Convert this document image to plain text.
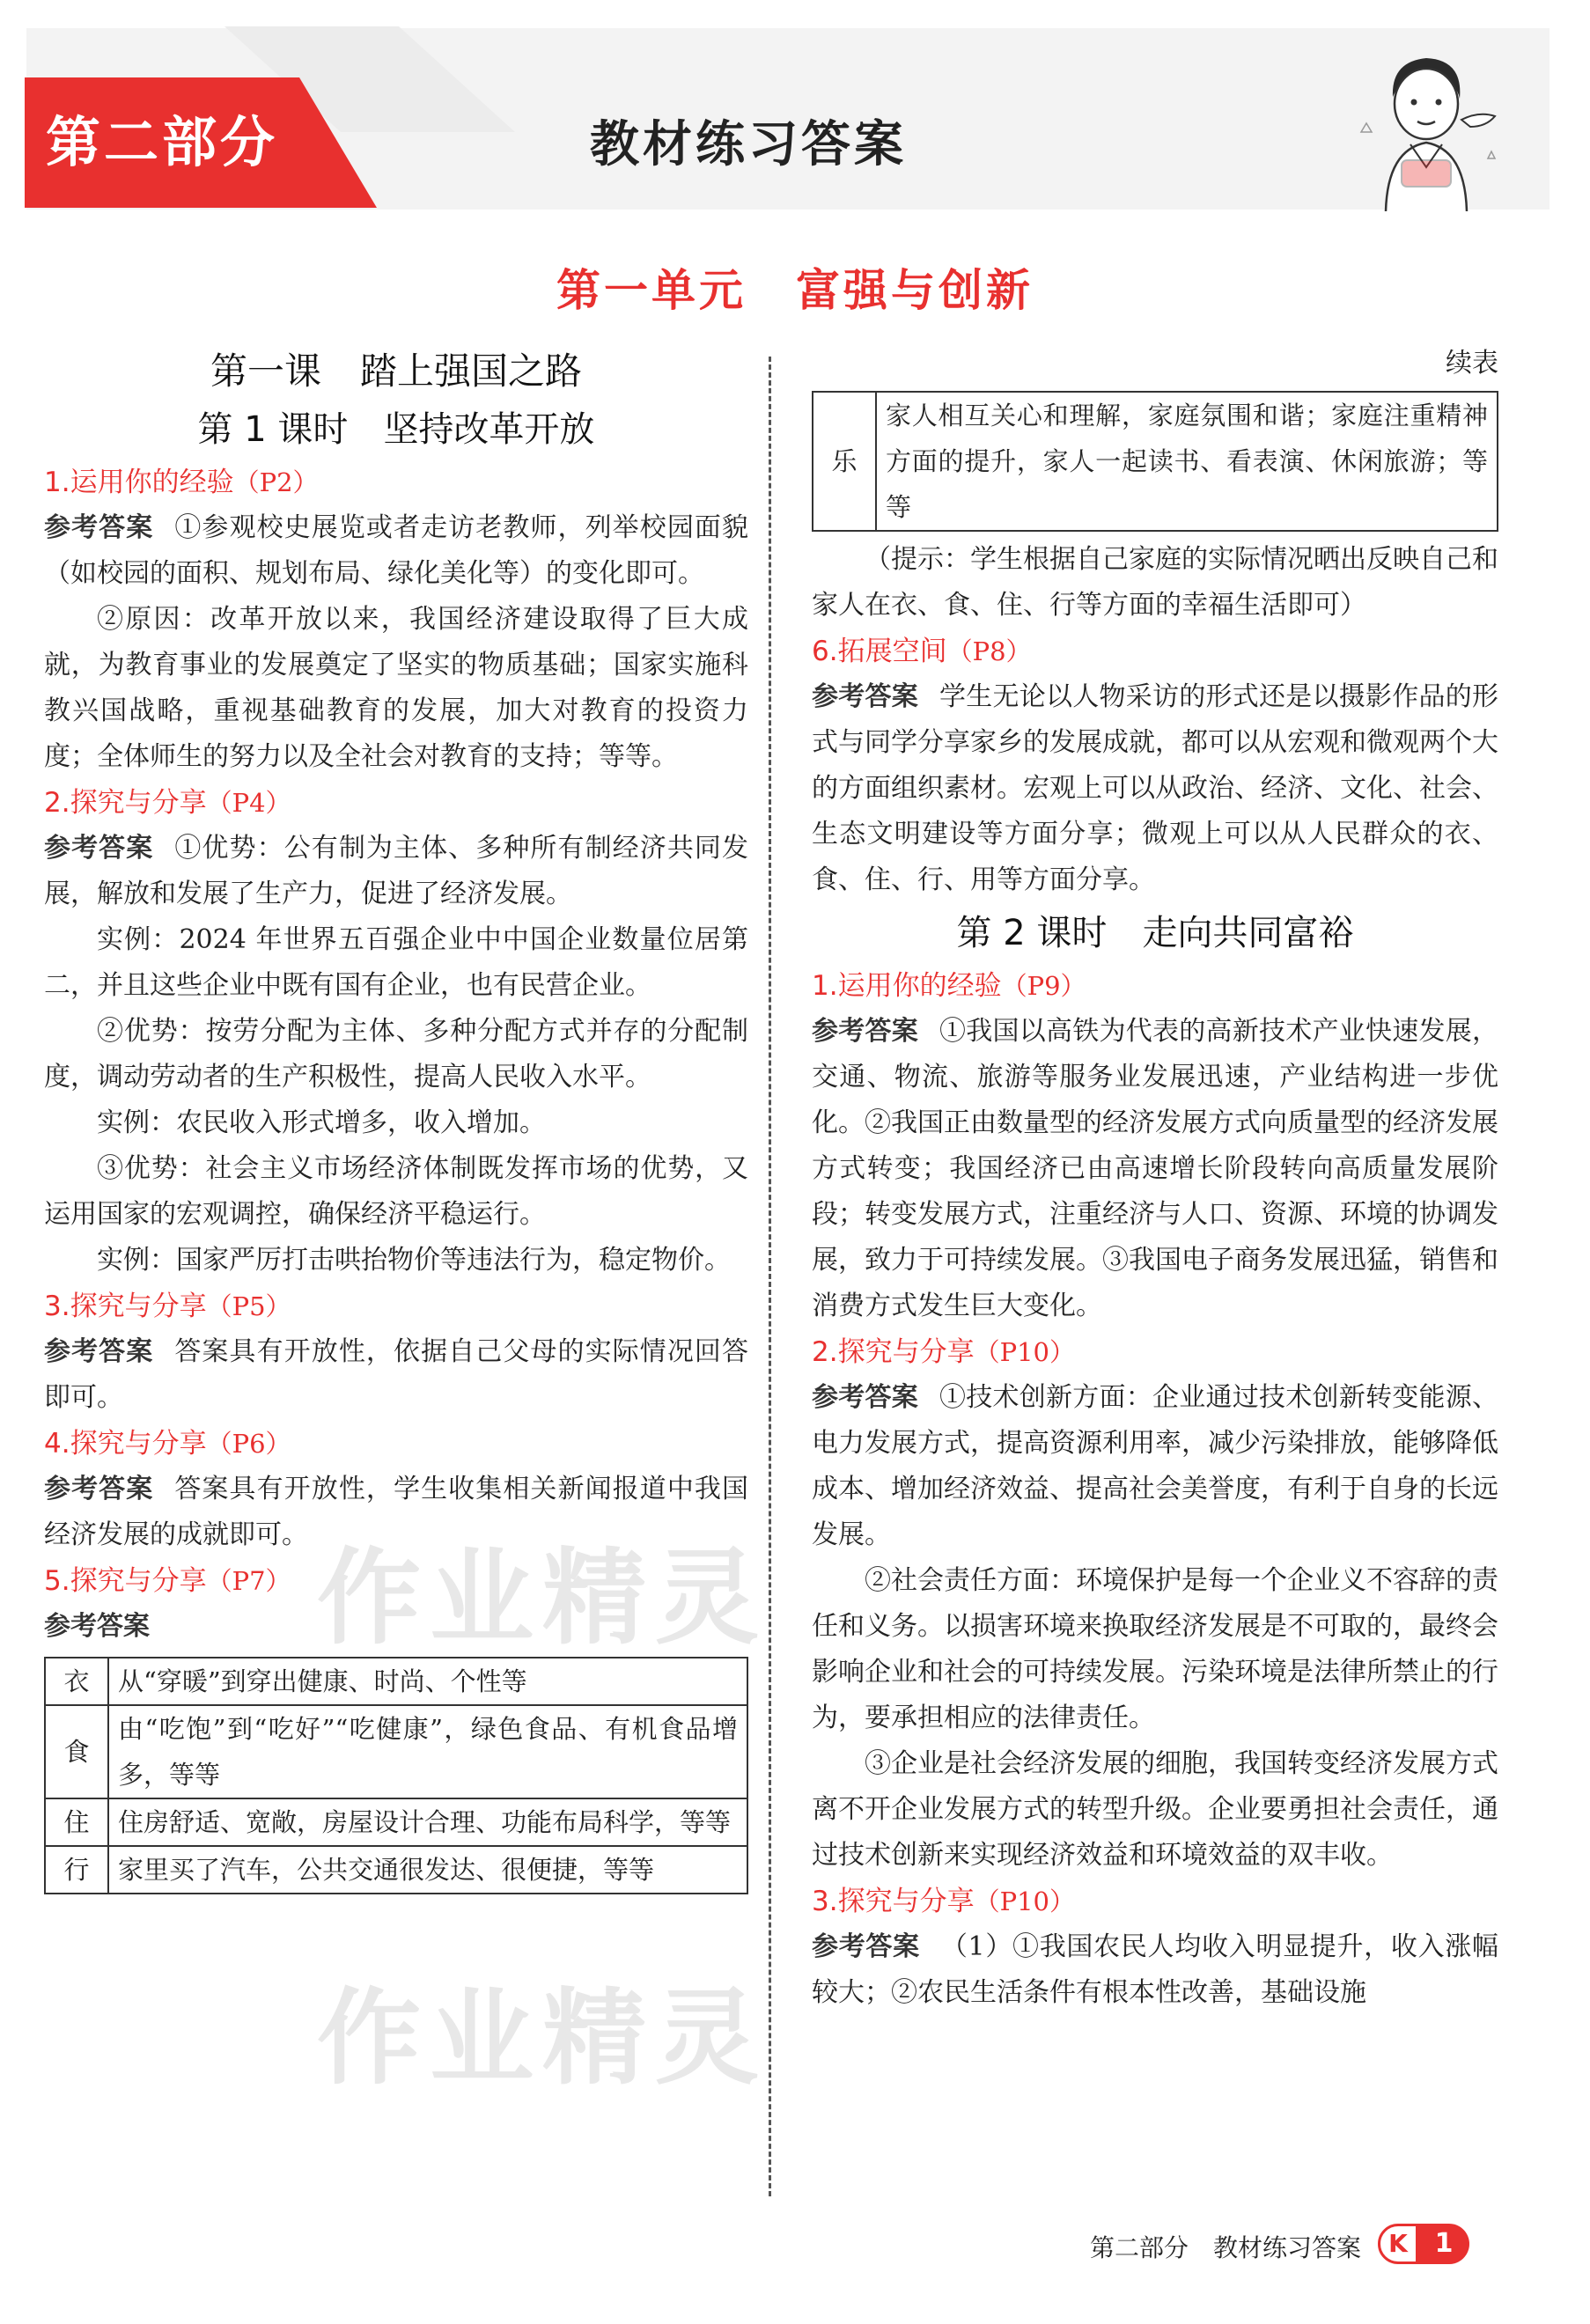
第二部分	教材练习答案
第一单元 富强与创新
第一课 踏上强国之路
第 1 课时 坚持改革开放
1.运用你的经验（P2）

参考答案 ①参观校史展览或者走访老教师，列举校园面貌（如校园的面积、规划布局、绿化美化等）的变化即可。

②原因：改革开放以来，我国经济建设取得了巨大成就，为教育事业的发展奠定了坚实的物质基础；国家实施科教兴国战略，重视基础教育的发展，加大对教育的投资力度；全体师生的努力以及全社会对教育的支持；等等。

2.探究与分享（P4）

参考答案 ①优势：公有制为主体、多种所有制经济共同发展，解放和发展了生产力，促进了经济发展。

实例：2024 年世界五百强企业中中国企业数量位居第二，并且这些企业中既有国有企业，也有民营企业。

②优势：按劳分配为主体、多种分配方式并存的分配制度，调动劳动者的生产积极性，提高人民收入水平。

实例：农民收入形式增多，收入增加。

③优势：社会主义市场经济体制既发挥市场的优势，又运用国家的宏观调控，确保经济平稳运行。

实例：国家严厉打击哄抬物价等违法行为，稳定物价。

3.探究与分享（P5）

参考答案 答案具有开放性，依据自己父母的实际情况回答即可。

4.探究与分享（P6）

参考答案 答案具有开放性，学生收集相关新闻报道中我国经济发展的成就即可。

5.探究与分享（P7）

参考答案

衣	从“穿暖”到穿出健康、时尚、个性等
食	由“吃饱”到“吃好”“吃健康”，绿色食品、有机食品增多，等等
住	住房舒适、宽敞，房屋设计合理、功能布局科学，等等
行	家里买了汽车，公共交通很发达、很便捷，等等
续表
乐	家人相互关心和理解，家庭氛围和谐；家庭注重精神方面的提升，家人一起读书、看表演、休闲旅游；等等

（提示：学生根据自己家庭的实际情况晒出反映自己和家人在衣、食、住、行等方面的幸福生活即可）

6.拓展空间（P8）

参考答案 学生无论以人物采访的形式还是以摄影作品的形式与同学分享家乡的发展成就，都可以从宏观和微观两个大的方面组织素材。宏观上可以从政治、经济、文化、社会、生态文明建设等方面分享；微观上可以从人民群众的衣、食、住、行、用等方面分享。

第 2 课时 走向共同富裕
1.运用你的经验（P9）

参考答案 ①我国以高铁为代表的高新技术产业快速发展，交通、物流、旅游等服务业发展迅速，产业结构进一步优化。②我国正由数量型的经济发展方式向质量型的经济发展方式转变；我国经济已由高速增长阶段转向高质量发展阶段；转变发展方式，注重经济与人口、资源、环境的协调发展，致力于可持续发展。③我国电子商务发展迅猛，销售和消费方式发生巨大变化。

2.探究与分享（P10）

参考答案 ①技术创新方面：企业通过技术创新转变能源、电力发展方式，提高资源利用率，减少污染排放，能够降低成本、增加经济效益、提高社会美誉度，有利于自身的长远发展。

②社会责任方面：环境保护是每一个企业义不容辞的责任和义务。以损害环境来换取经济发展是不可取的，最终会影响企业和社会的可持续发展。污染环境是法律所禁止的行为，要承担相应的法律责任。

③企业是社会经济发展的细胞，我国转变经济发展方式离不开企业发展方式的转型升级。企业要勇担社会责任，通过技术创新来实现经济效益和环境效益的双丰收。

3.探究与分享（P10）

参考答案 （1）①我国农民人均收入明显提升，收入涨幅较大；②农民生活条件有根本性改善，基础设施

作业精灵
作业精灵
第二部分 教材练习答案	K	1
